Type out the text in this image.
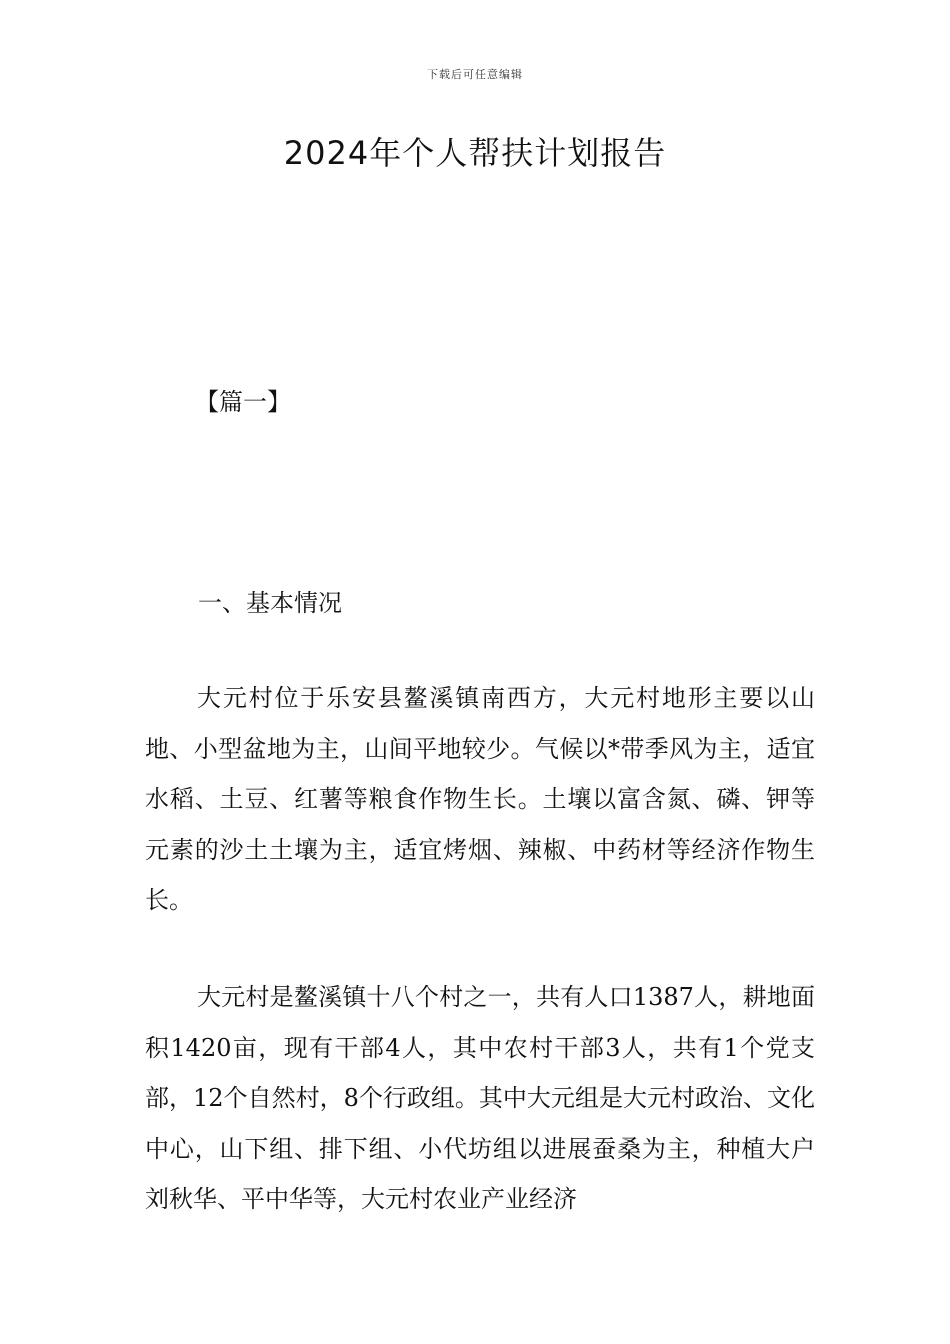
下载后可任意编辑
2024年个人帮扶计划报告
【篇一】
一、基本情况

大元村位于乐安县鳌溪镇南西方，大元村地形主要以山地、小型盆地为主，山间平地较少。气候以*带季风为主，适宜水稻、土豆、红薯等粮食作物生长。土壤以富含氮、磷、钾等元素的沙土土壤为主，适宜烤烟、辣椒、中药材等经济作物生长。

大元村是鳌溪镇十八个村之一，共有人口1387人，耕地面积1420亩，现有干部4人，其中农村干部3人，共有1个党支部，12个自然村，8个行政组。其中大元组是大元村政治、文化中心，山下组、排下组、小代坊组以进展蚕桑为主，种植大户刘秋华、平中华等，大元村农业产业经济
